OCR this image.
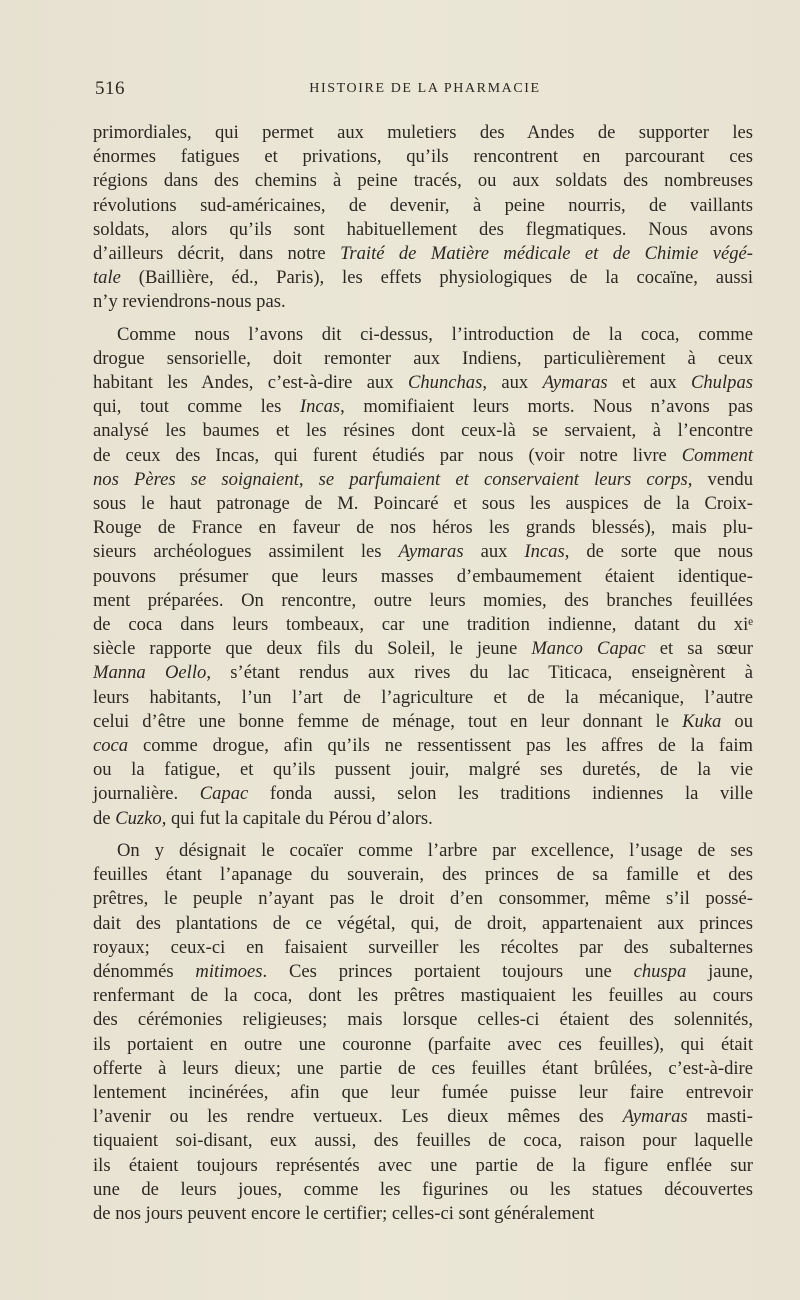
516	HISTOIRE DE LA PHARMACIE

primordiales, qui permet aux muletiers des Andes de supporter les
énormes fatigues et privations, qu’ils rencontrent en parcourant ces
régions dans des chemins à peine tracés, ou aux soldats des nombreuses
révolutions sud-américaines, de devenir, à peine nourris, de vaillants
soldats, alors qu’ils sont habituellement des flegmatiques. Nous avons
d’ailleurs décrit, dans notre Traité de Matière médicale et de Chimie végé-
tale (Baillière, éd., Paris), les effets physiologiques de la cocaïne, aussi
n’y reviendrons-nous pas.

Comme nous l’avons dit ci-dessus, l’introduction de la coca, comme
drogue sensorielle, doit remonter aux Indiens, particulièrement à ceux
habitant les Andes, c’est-à-dire aux Chunchas, aux Aymaras et aux Chulpas
qui, tout comme les Incas, momifiaient leurs morts. Nous n’avons pas
analysé les baumes et les résines dont ceux-là se servaient, à l’encontre
de ceux des Incas, qui furent étudiés par nous (voir notre livre Comment
nos Pères se soignaient, se parfumaient et conservaient leurs corps, vendu
sous le haut patronage de M. Poincaré et sous les auspices de la Croix-
Rouge de France en faveur de nos héros les grands blessés), mais plu-
sieurs archéologues assimilent les Aymaras aux Incas, de sorte que nous
pouvons présumer que leurs masses d’embaumement étaient identique-
ment préparées. On rencontre, outre leurs momies, des branches feuillées
de coca dans leurs tombeaux, car une tradition indienne, datant du xiᵉ
siècle rapporte que deux fils du Soleil, le jeune Manco Capac et sa sœur
Manna Oello, s’étant rendus aux rives du lac Titicaca, enseignèrent à
leurs habitants, l’un l’art de l’agriculture et de la mécanique, l’autre
celui d’être une bonne femme de ménage, tout en leur donnant le Kuka ou
coca comme drogue, afin qu’ils ne ressentissent pas les affres de la faim
ou la fatigue, et qu’ils pussent jouir, malgré ses duretés, de la vie
journalière. Capac fonda aussi, selon les traditions indiennes la ville
de Cuzko, qui fut la capitale du Pérou d’alors.

On y désignait le cocaïer comme l’arbre par excellence, l’usage de ses
feuilles étant l’apanage du souverain, des princes de sa famille et des
prêtres, le peuple n’ayant pas le droit d’en consommer, même s’il possé-
dait des plantations de ce végétal, qui, de droit, appartenaient aux princes
royaux; ceux-ci en faisaient surveiller les récoltes par des subalternes
dénommés mitimoes. Ces princes portaient toujours une chuspa jaune,
renfermant de la coca, dont les prêtres mastiquaient les feuilles au cours
des cérémonies religieuses; mais lorsque celles-ci étaient des solennités,
ils portaient en outre une couronne (parfaite avec ces feuilles), qui était
offerte à leurs dieux; une partie de ces feuilles étant brûlées, c’est-à-dire
lentement incinérées, afin que leur fumée puisse leur faire entrevoir
l’avenir ou les rendre vertueux. Les dieux mêmes des Aymaras masti-
tiquaient soi-disant, eux aussi, des feuilles de coca, raison pour laquelle
ils étaient toujours représentés avec une partie de la figure enflée sur
une de leurs joues, comme les figurines ou les statues découvertes
de nos jours peuvent encore le certifier; celles-ci sont généralement
